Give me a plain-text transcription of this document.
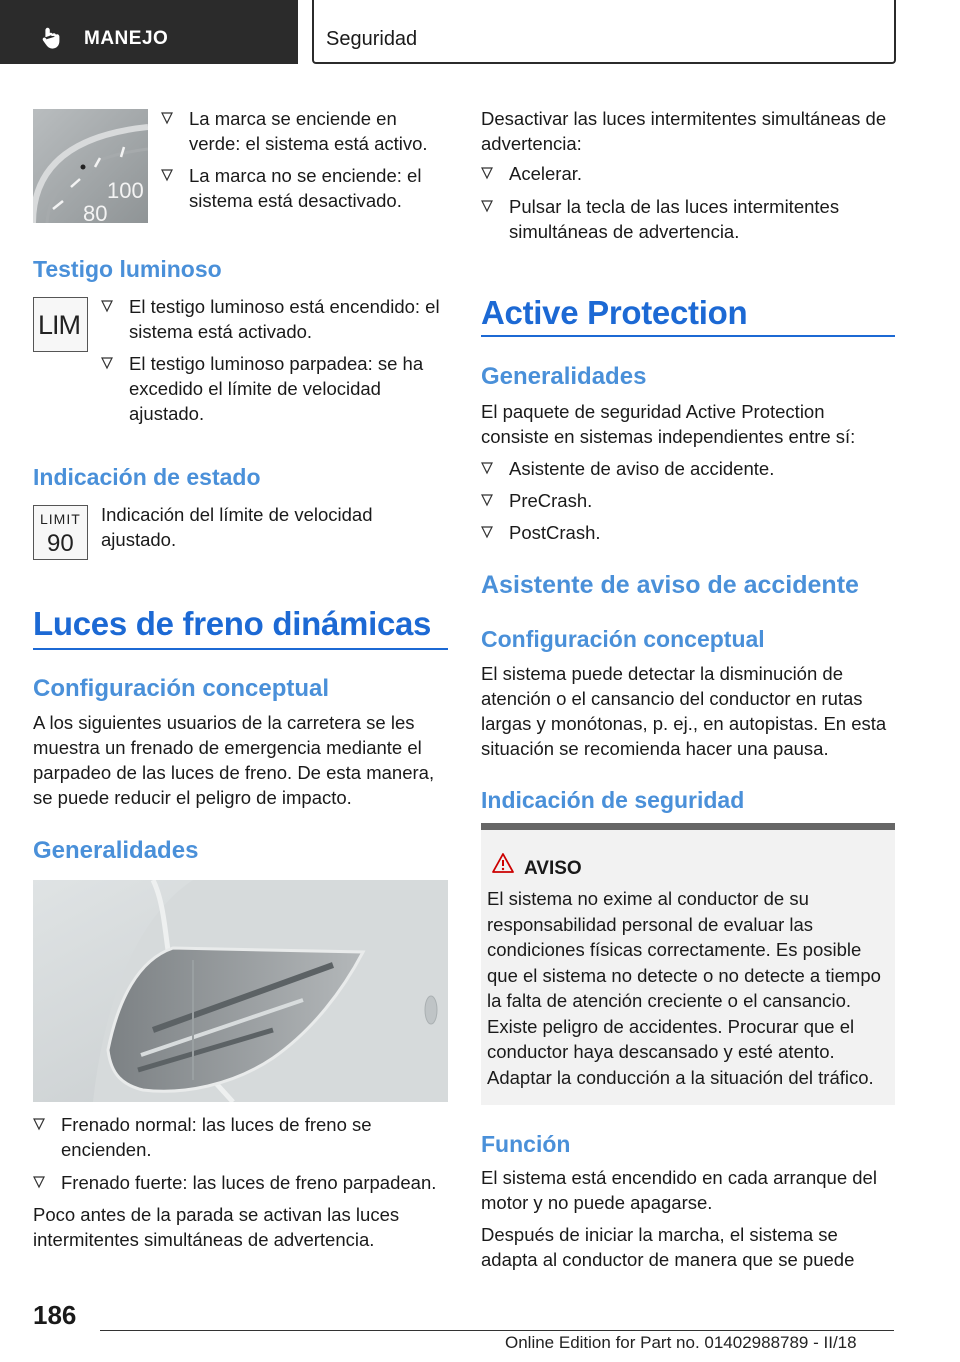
MANEJO	Seguridad
100
80
La marca se enciende en verde: el sistema está activo.
La marca no se enciende: el sistema está desactivado.
Testigo luminoso
LIM
El testigo luminoso está encendido: el sistema está activado.
El testigo luminoso parpadea: se ha excedido el límite de velocidad ajustado.
Indicación de estado
LIMIT
90

Indicación del límite de velocidad ajustado.

Luces de freno dinámicas
Configuración conceptual

A los siguientes usuarios de la carretera se les muestra un frenado de emergencia mediante el parpadeo de las luces de freno. De esta manera, se puede reducir el peligro de impacto.

Generalidades
Frenado normal: las luces de freno se encienden.
Frenado fuerte: las luces de freno parpadean.

Poco antes de la parada se activan las luces intermitentes simultáneas de advertencia.

Desactivar las luces intermitentes simultáneas de advertencia:

Acelerar.
Pulsar la tecla de las luces intermitentes simultáneas de advertencia.
Active Protection
Generalidades

El paquete de seguridad Active Protection consiste en sistemas independientes entre sí:

Asistente de aviso de accidente.
PreCrash.
PostCrash.
Asistente de aviso de accidente
Configuración conceptual

El sistema puede detectar la disminución de atención o el cansancio del conductor en rutas largas y monótonas, p. ej., en autopistas. En esta situación se recomienda hacer una pausa.

Indicación de seguridad
AVISO

El sistema no exime al conductor de su responsabilidad personal de evaluar las condiciones físicas correctamente. Es posible que el sistema no detecte o no detecte a tiempo la falta de atención creciente o el cansancio. Existe peligro de accidentes. Procurar que el conductor haya descansado y esté atento. Adaptar la conducción a la situación del tráfico.

Función

El sistema está encendido en cada arranque del motor y no puede apagarse.

Después de iniciar la marcha, el sistema se adapta al conductor de manera que se puede

186
Online Edition for Part no. 01402988789 - II/18
